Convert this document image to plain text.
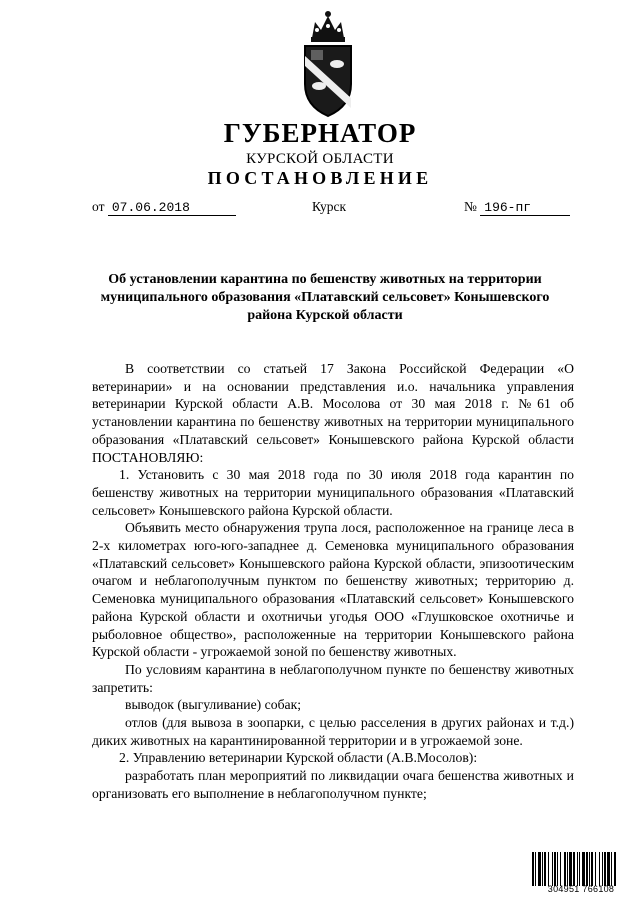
ГУБЕРНАТОР
КУРСКОЙ ОБЛАСТИ
ПОСТАНОВЛЕНИЕ
от 07.06.2018	Курск	№ 196-пг
Об установлении карантина по бешенству животных на территории муниципального образования «Платавский сельсовет» Конышевского района Курской области

В соответствии со статьей 17 Закона Российской Федерации «О ветеринарии» и на основании представления и.о. начальника управления ветеринарии Курской области А.В. Мосолова от 30 мая 2018 г. №61 об установлении карантина по бешенству животных на территории муниципального образования «Платавский сельсовет» Конышевского района Курской области ПОСТАНОВЛЯЮ:

1. Установить с 30 мая 2018 года по 30 июля 2018 года карантин по бешенству животных на территории муниципального образования «Платавский сельсовет» Конышевского района Курской области.

Объявить место обнаружения трупа лося, расположенное на границе леса в 2-х километрах юго-юго-западнее д. Семеновка муниципального образования «Платавский сельсовет» Конышевского района Курской области, эпизоотическим очагом и неблагополучным пунктом по бешенству животных; территорию д. Семеновка муниципального образования «Платавский сельсовет» Конышевского района Курской области и охотничьи угодья ООО «Глушковское охотничье и рыболовное общество», расположенные на территории Конышевского района Курской области - угрожаемой зоной по бешенству животных.

По условиям карантина в неблагополучном пункте по бешенству животных запретить:

выводок (выгуливание) собак;

отлов (для вывоза в зоопарки, с целью расселения в других районах и т.д.) диких животных на карантинированной территории и в угрожаемой зоне.

2. Управлению ветеринарии Курской области (А.В.Мосолов):

разработать план мероприятий по ликвидации очага бешенства животных и организовать его выполнение в неблагополучном пункте;

304951 766108
